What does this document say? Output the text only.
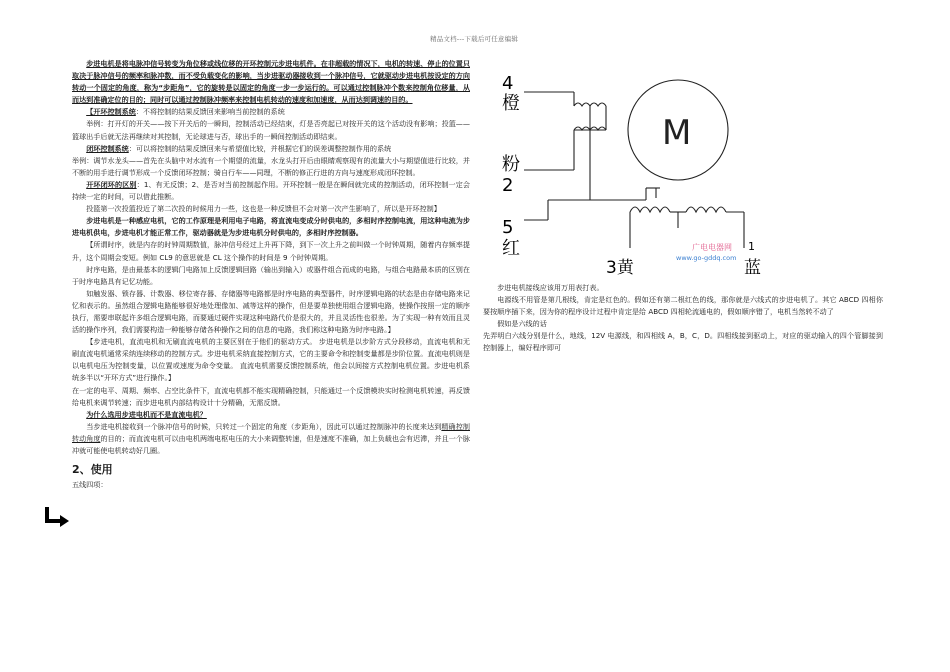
精品文档---下载后可任意编辑

步进电机是将电脉冲信号转变为角位移或线位移的开环控制元步进电机件。在非超载的情况下，电机的转速、停止的位置只取决于脉冲信号的频率和脉冲数，而不受负载变化的影响，当步进驱动器接收到一个脉冲信号，它就驱动步进电机按设定的方向转动一个固定的角度，称为“步距角”，它的旋转是以固定的角度一步一步运行的。可以通过控制脉冲个数来控制角位移量，从而达到准确定位的目的；同时可以通过控制脉冲频率来控制电机转动的速度和加速度，从而达到调速的目的。

【开环控制系统：不将控制的结果反馈回来影响当前控制的系统

举例：打开灯的开关——按下开关后的一瞬间，控制活动已经结束，灯是否亮起已对按开关的这个活动没有影响；投篮——篮球出手后就无法再继续对其控制，无论球进与否，球出手的一瞬间控制活动即结束。

闭环控制系统：可以将控制的结果反馈回来与希望值比较，并根据它们的误差调整控制作用的系统

举例：调节水龙头——首先在头脑中对水流有一个期望的流量，水龙头打开后由眼睛观察现有的流量大小与期望值进行比较，并不断的用手进行调节形成一个反馈闭环控制；骑自行车——同理，不断的修正行进的方向与速度形成闭环控制。

开环闭环的区别：1、有无反馈；2、是否对当前控制起作用。开环控制一般是在瞬间就完成的控制活动，闭环控制一定会持续一定的时间，可以借此推断。

投篮第一次投篮投近了第二次投的时候用力一些，这也是一种反馈但不会对第一次产生影响了，所以是开环控制】

步进电机是一种感应电机，它的工作原理是利用电子电路，将直流电变成分时供电的，多相时序控制电流，用这种电流为步进电机供电，步进电机才能正常工作，驱动器就是为步进电机分时供电的，多相时序控制器。

【所谓时序，就是内存的时钟周期数值，脉冲信号经过上升再下降，到下一次上升之前叫做一个时钟周期，随着内存频率提升，这个周期会变短。例如 CL9 的意思就是 CL 这个操作的时间是 9 个时钟周期。

时序电路，是由最基本的逻辑门电路加上反馈逻辑回路（输出到输入）或器件组合而成的电路，与组合电路最本质的区别在于时序电路具有记忆功能。

如触发器、锁存器、计数器、移位寄存器、存储器等电路都是时序电路的典型器件，时序逻辑电路的状态是由存储电路来记忆和表示的。虽然组合逻辑电路能够很好地处理像加、减等这样的操作，但是要单独使用组合逻辑电路，使操作按照一定的顺序执行，需要串联起许多组合逻辑电路，而要通过硬件实现这种电路代价是很大的，并且灵活性也很差。为了实现一种有效而且灵活的操作序列，我们需要构造一种能够存储各种操作之间的信息的电路，我们称这种电路为时序电路。】

【步进电机，直流电机和无刷直流电机的主要区别在于他们的驱动方式。 步进电机是以步阶方式分段移动，直流电机和无刷直流电机通常采纳连续移动的控制方式。步进电机采纳直接控制方式，它的主要命令和控制变量都是步阶位置。直流电机则是以电机电压为控制变量，以位置或速度为命令变量。 直流电机需要反馈控制系统，他会以间接方式控制电机位置。步进电机系统多半以“开环方式”进行操作。】

在一定的电平、周期、频率、占空比条件下，直流电机都不能实现精确控制，只能通过一个反馈模块实时检测电机转速，再反馈给电机来调节转速；而步进电机内部结构设计十分精确，无需反馈。

为什么选用步进电机而不是直流电机？

当步进电机接收到一个脉冲信号的时候，只转过一个固定的角度（步距角），因此可以通过控制脉冲的长度来达到精确控制转动角度的目的；而直流电机可以由电机两端电枢电压的大小来调整转速，但是速度不准确，加上负载也会有迟滞，并且一个脉冲就可能使电机转动好几圈。

2、使用

五线四项：

4
橙
粉
2
5
红
3黄	蓝
1
M
广电电器网
www.go-gddq.com

步进电机接线应该用万用表打表。

电源线不用管是第几根线，肯定是红色的。假如还有第二根红色的线，那你就是六线式的步进电机了。其它 ABCD 四相你要按顺序插下来，因为你的程序设计过程中肯定是给 ABCD 四相轮流通电的，假如顺序错了，电机当然转不动了

假如是六线的话

先弄明白六线分别是什么，地线，12V 电源线，和四相线 A，B，C，D。四相线接到驱动上，对应的驱动输入的四个管脚接到控制器上，编好程序即可
